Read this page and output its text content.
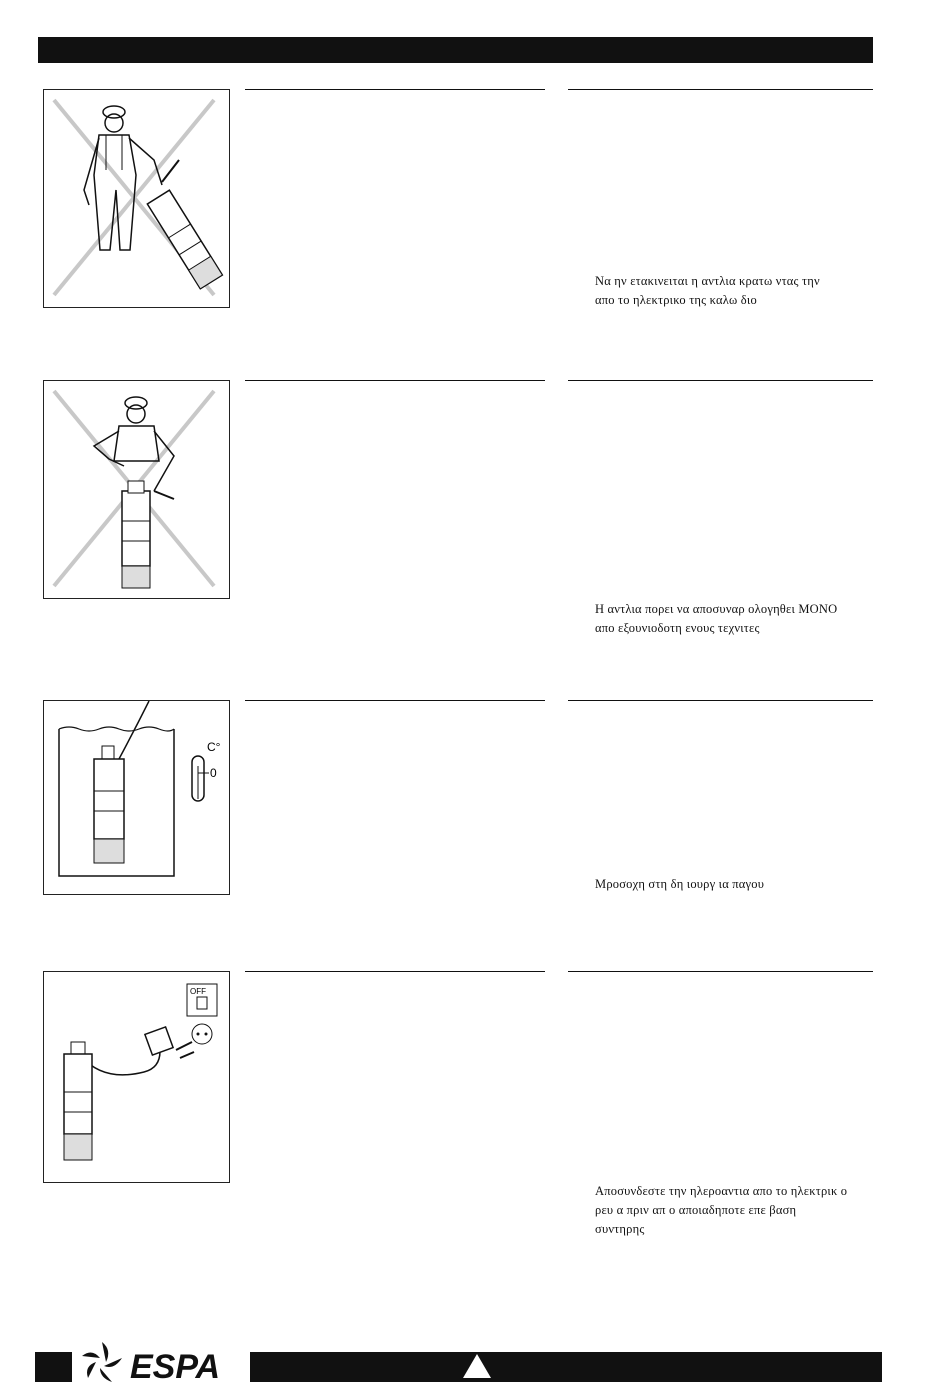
Να ην ετακινειται η αντλια κρατω ντας την
απο το ηλεκτρικο της καλω διο
Η αντλια πορει να αποσυναρ ολογηθει ΜΟΝΟ
απο εξουνιοδοτη ενους τεχνιτες
C°
0
Μροσοχη στη δη ιουργ ια παγου
OFF
Αποσυνδεστε την ηλεροαντια απο το ηλεκτρικ ο
ρευ α πριν απ ο αποιαδηποτε επε βαση
συντηρης
ESPA
